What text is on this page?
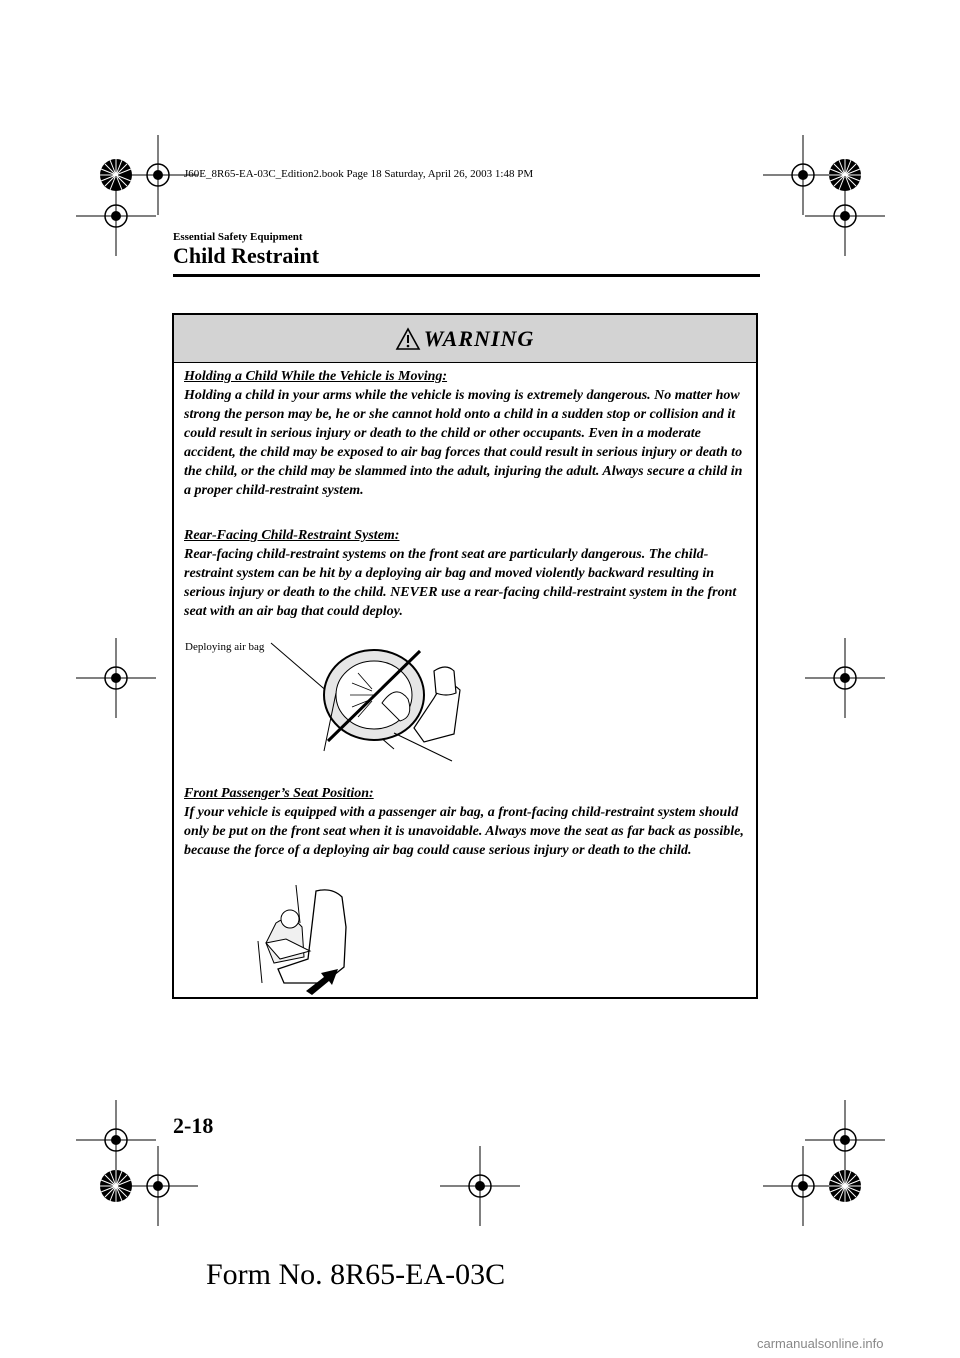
J60E_8R65-EA-03C_Edition2.book Page 18 Saturday, April 26, 2003 1:48 PM
Essential Safety Equipment
Child Restraint
WARNING
Holding a Child While the Vehicle is Moving:
Holding a child in your arms while the vehicle is moving is extremely dangerous. No matter how strong the person may be, he or she cannot hold onto a child in a sudden stop or collision and it could result in serious injury or death to the child or other occupants. Even in a moderate accident, the child may be exposed to air bag forces that could result in serious injury or death to the child, or the child may be slammed into the adult, injuring the adult. Always secure a child in a proper child-restraint system.
Rear-Facing Child-Restraint System:
Rear-facing child-restraint systems on the front seat are particularly dangerous. The child-restraint system can be hit by a deploying air bag and moved violently backward resulting in serious injury or death to the child. NEVER use a rear-facing child-restraint system in the front seat with an air bag that could deploy.
Deploying air bag
Front Passenger’s Seat Position:
If your vehicle is equipped with a passenger air bag, a front-facing child-restraint system should only be put on the front seat when it is unavoidable. Always move the seat as far back as possible, because the force of a deploying air bag could cause serious injury or death to the child.
2-18
Form No. 8R65-EA-03C
carmanualsonline.info
